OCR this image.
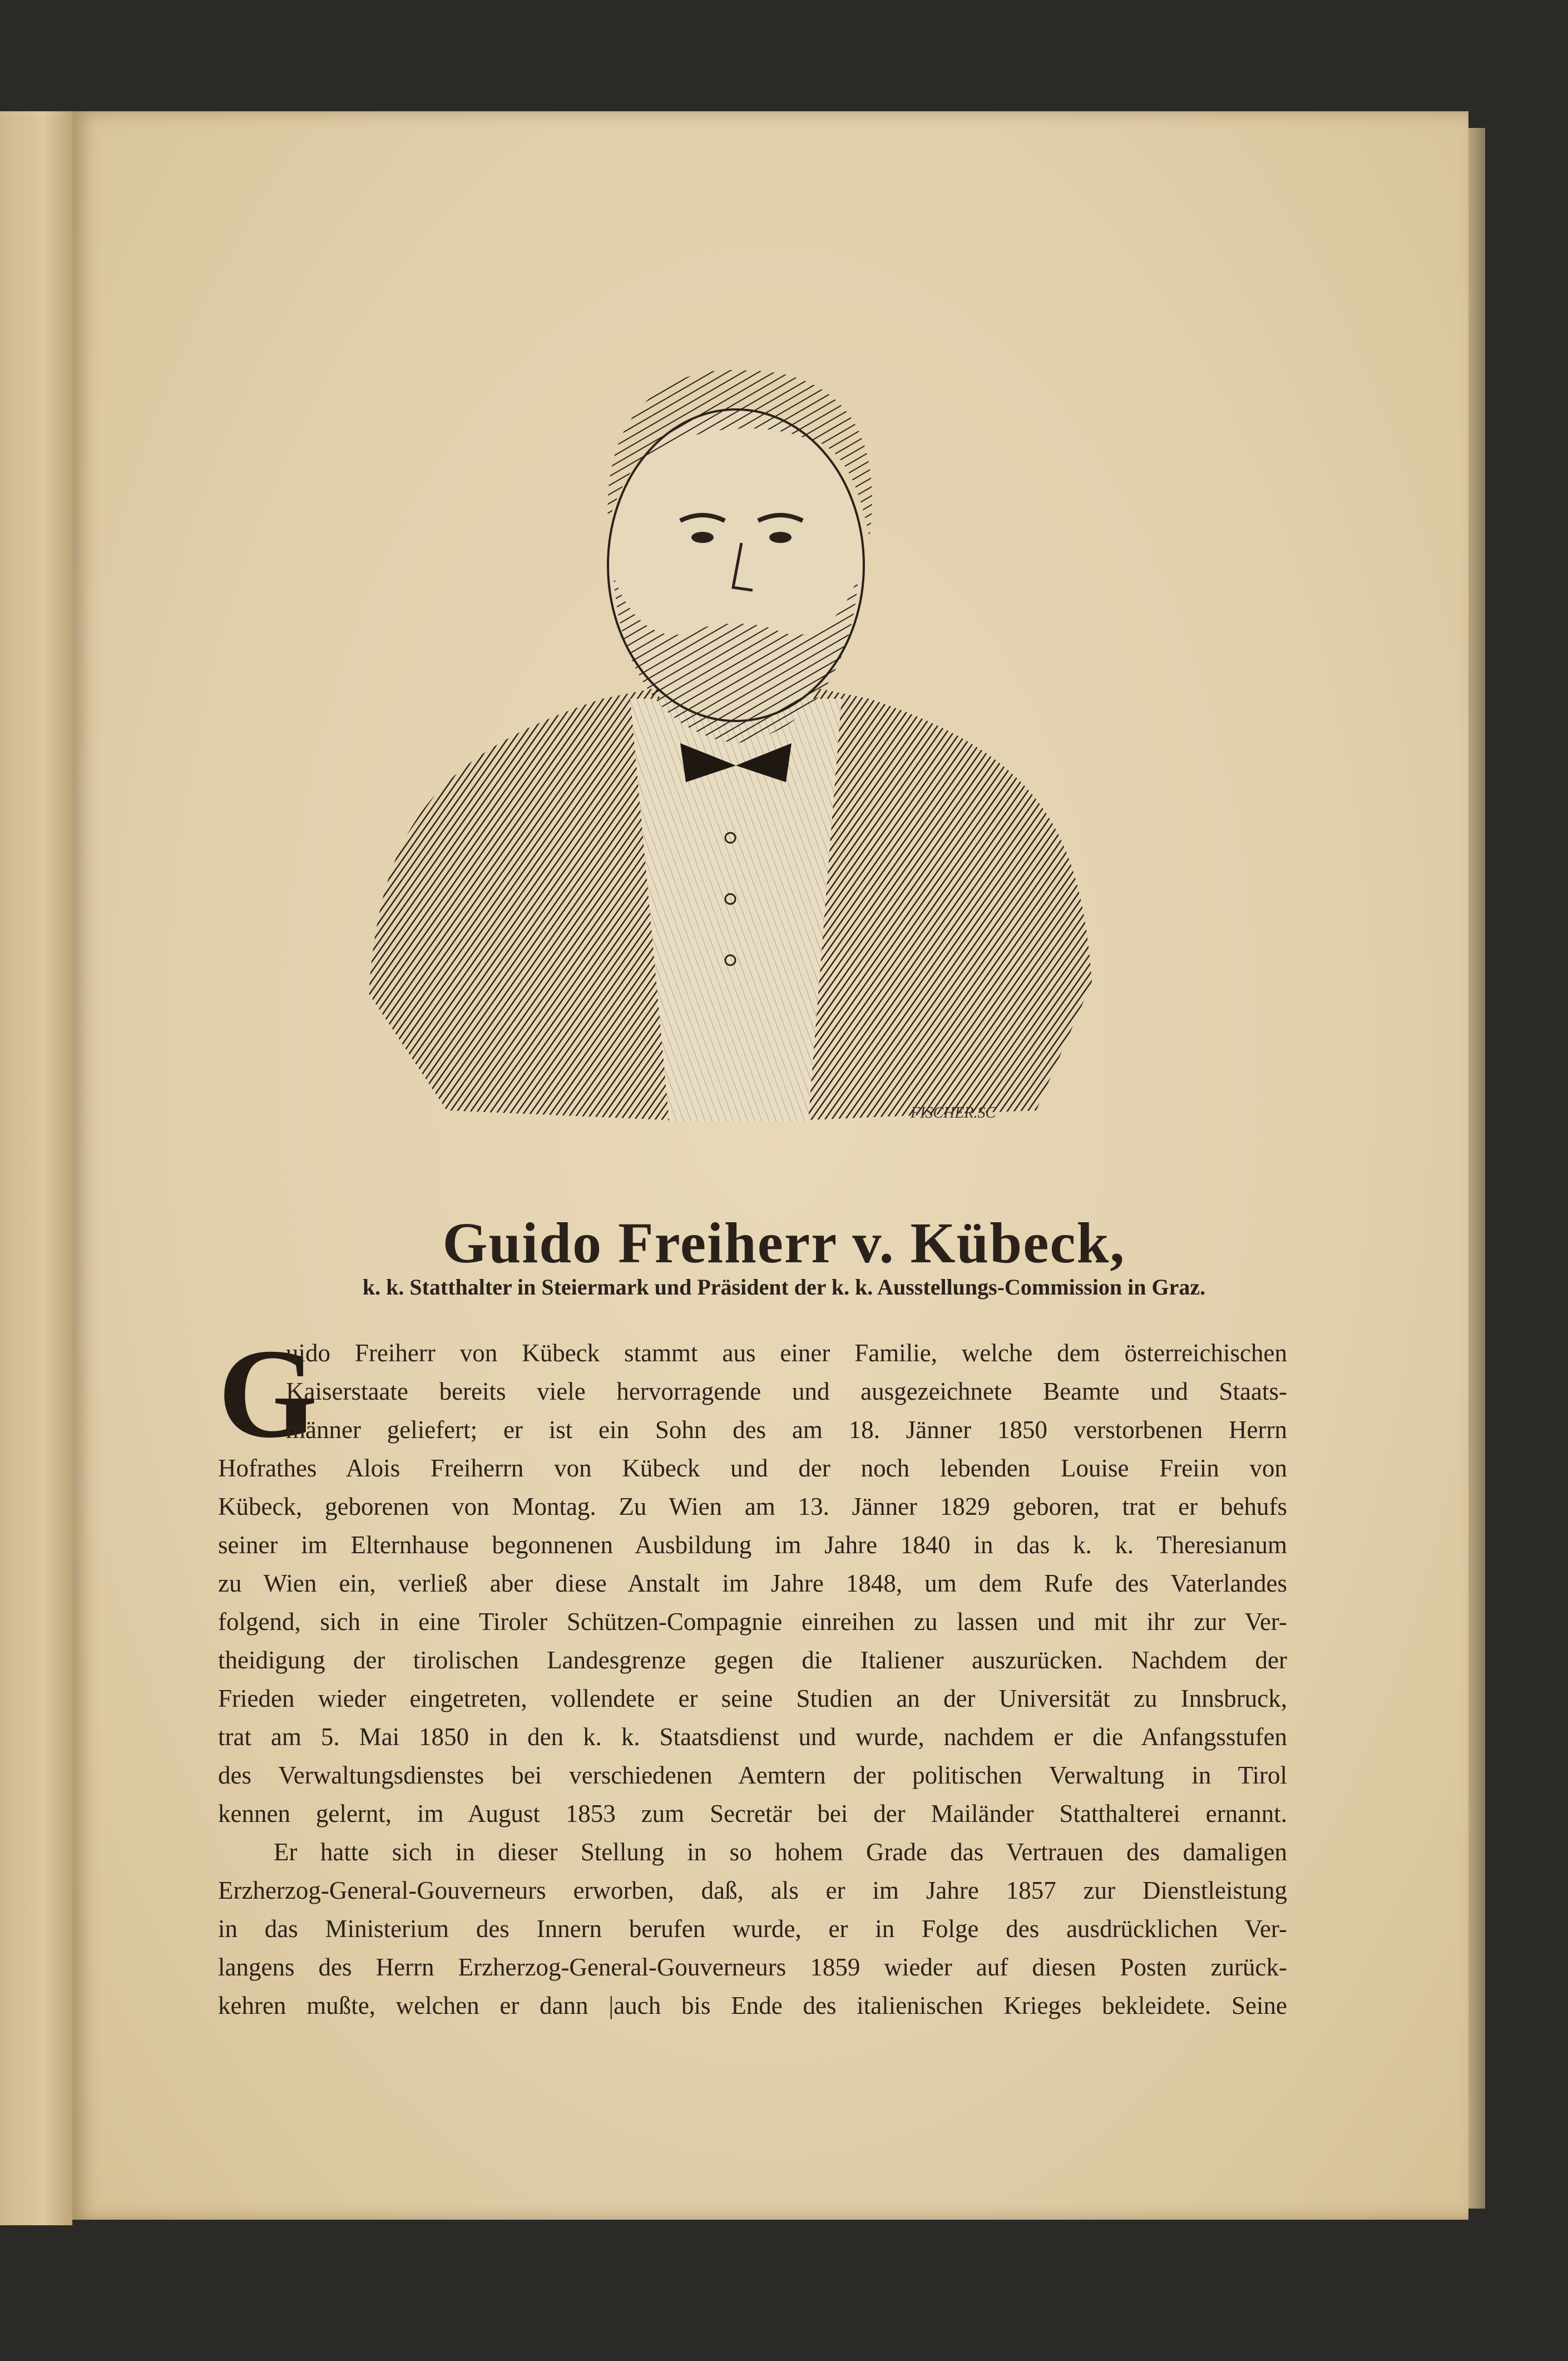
FISCHER.SC
Guido Freiherr v. Kübeck,
k. k. Statthalter in Steiermark und Präsident der k. k. Ausstellungs-Commission in Graz.
G
uido Freiherr von Kübeck stammt aus einer Familie, welche dem österreichischen
Kaiserstaate bereits viele hervorragende und ausgezeichnete Beamte und Staats-
männer geliefert; er ist ein Sohn des am 18. Jänner 1850 verstorbenen Herrn
Hofrathes Alois Freiherrn von Kübeck und der noch lebenden Louise Freiin von
Kübeck, geborenen von Montag. Zu Wien am 13. Jänner 1829 geboren, trat er behufs
seiner im Elternhause begonnenen Ausbildung im Jahre 1840 in das k. k. Theresianum
zu Wien ein, verließ aber diese Anstalt im Jahre 1848, um dem Rufe des Vaterlandes
folgend, sich in eine Tiroler Schützen-Compagnie einreihen zu lassen und mit ihr zur Ver-
theidigung der tirolischen Landesgrenze gegen die Italiener auszurücken. Nachdem der
Frieden wieder eingetreten, vollendete er seine Studien an der Universität zu Innsbruck,
trat am 5. Mai 1850 in den k. k. Staatsdienst und wurde, nachdem er die Anfangsstufen
des Verwaltungsdienstes bei verschiedenen Aemtern der politischen Verwaltung in Tirol
kennen gelernt, im August 1853 zum Secretär bei der Mailänder Statthalterei ernannt.
Er hatte sich in dieser Stellung in so hohem Grade das Vertrauen des damaligen
Erzherzog-General-Gouverneurs erworben, daß, als er im Jahre 1857 zur Dienstleistung
in das Ministerium des Innern berufen wurde, er in Folge des ausdrücklichen Ver-
langens des Herrn Erzherzog-General-Gouverneurs 1859 wieder auf diesen Posten zurück-
kehren mußte, welchen er dann |auch bis Ende des italienischen Krieges bekleidete. Seine
